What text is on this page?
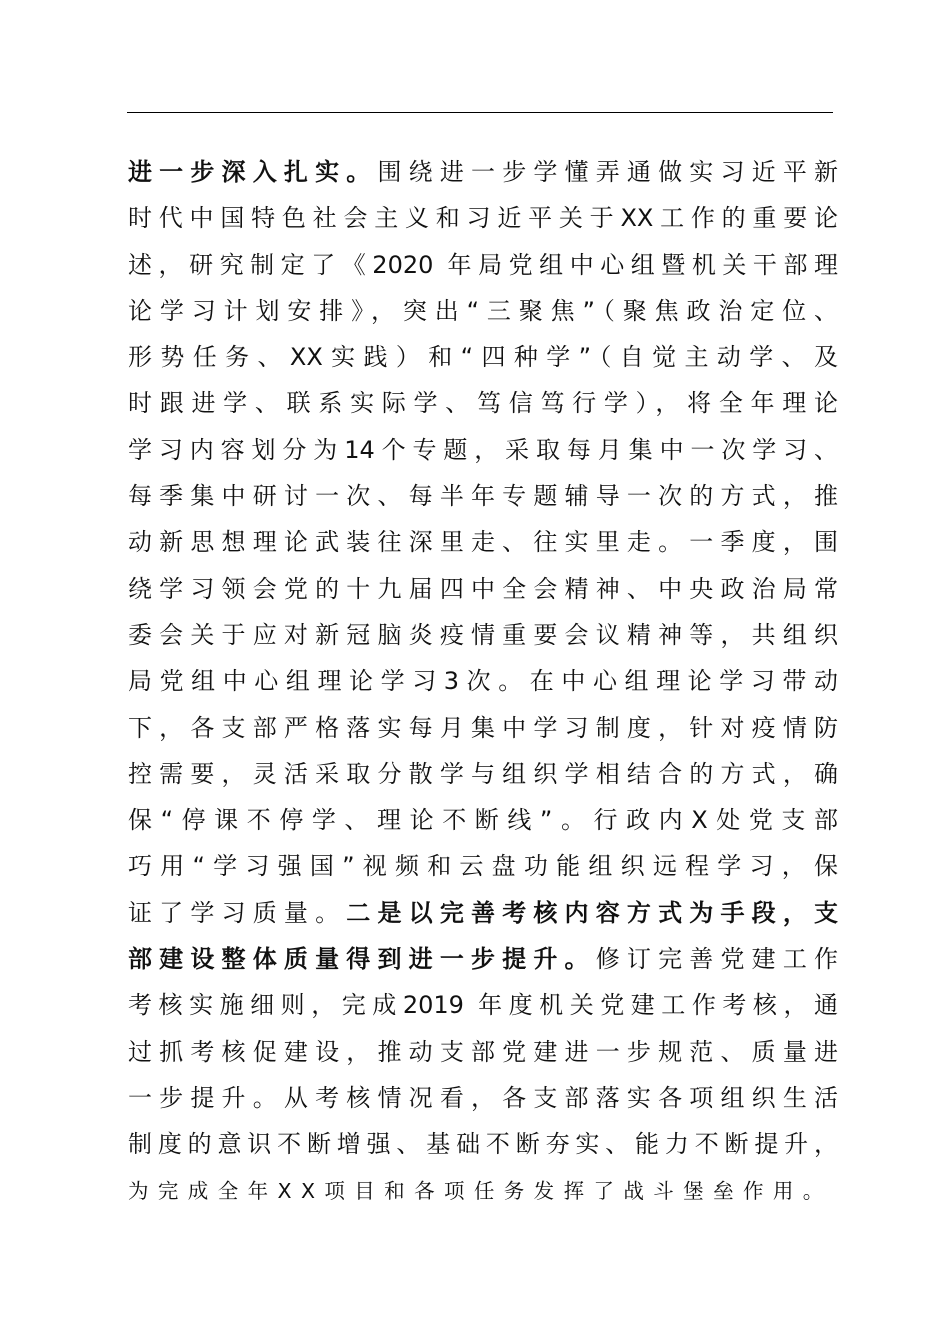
进一步深入扎实。围绕进一步学懂弄通做实习近平新
时代中国特色社会主义和习近平关于XX工作的重要论
述，研究制定了《2020 年局党组中心组暨机关干部理
论学习计划安排》，突出“三聚焦”（聚焦政治定位、
形势任务、XX实践）和“四种学”（自觉主动学、及
时跟进学、联系实际学、笃信笃行学），将全年理论
学习内容划分为14个专题，采取每月集中一次学习、
每季集中研讨一次、每半年专题辅导一次的方式，推
动新思想理论武装往深里走、往实里走。一季度，围
绕学习领会党的十九届四中全会精神、中央政治局常
委会关于应对新冠脑炎疫情重要会议精神等，共组织
局党组中心组理论学习3次。在中心组理论学习带动
下，各支部严格落实每月集中学习制度，针对疫情防
控需要，灵活采取分散学与组织学相结合的方式，确
保“停课不停学、理论不断线”。行政内X处党支部
巧用“学习强国”视频和云盘功能组织远程学习，保
证了学习质量。二是以完善考核内容方式为手段，支
部建设整体质量得到进一步提升。修订完善党建工作
考核实施细则，完成2019 年度机关党建工作考核，通
过抓考核促建设，推动支部党建进一步规范、质量进
一步提升。从考核情况看，各支部落实各项组织生活
制度的意识不断增强、基础不断夯实、能力不断提升，
为完成全年XX项目和各项任务发挥了战斗堡垒作用。
